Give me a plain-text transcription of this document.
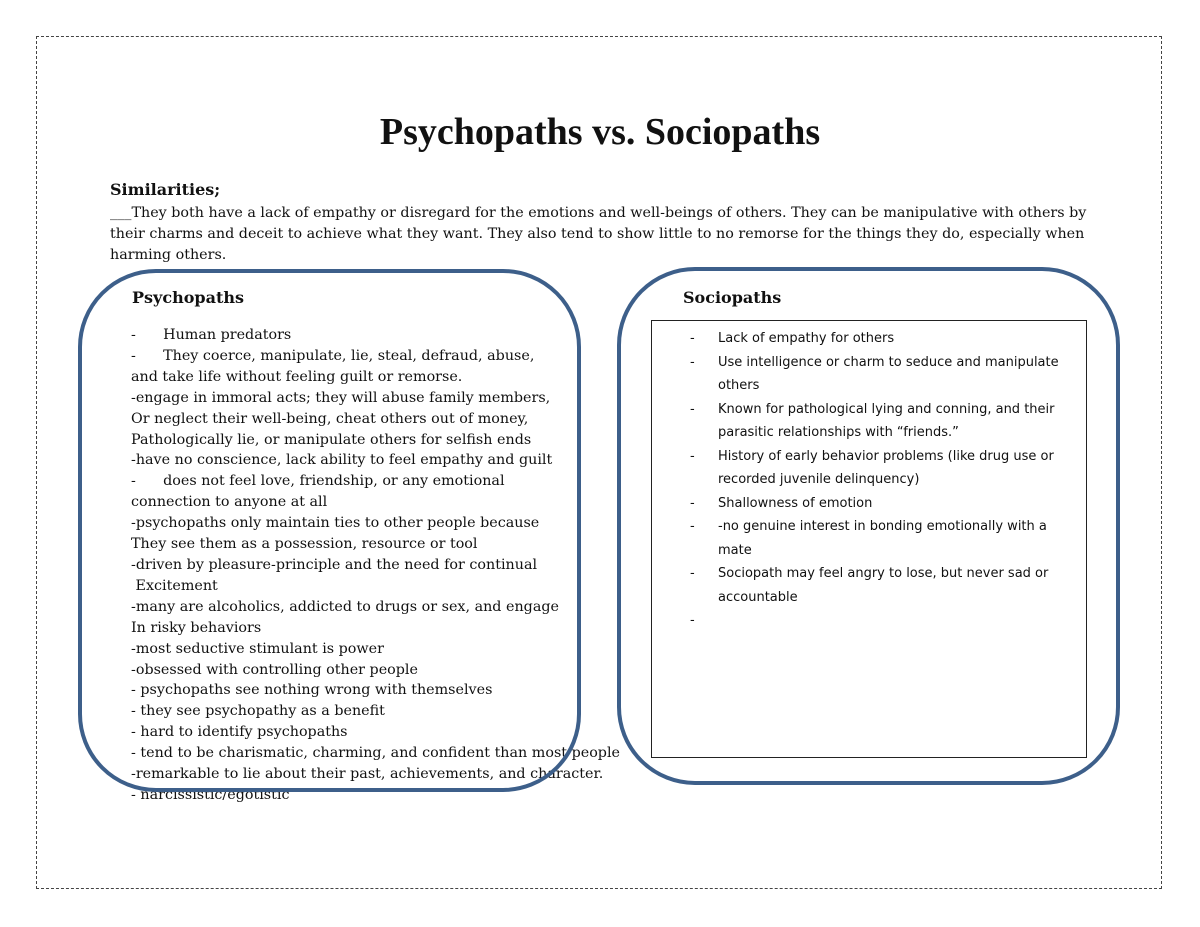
Psychopaths vs. Sociopaths
Similarities;

___They both have a lack of empathy or disregard for the emotions and well-beings of others. They can be manipulative with others by their charms and deceit to achieve what they want. They also tend to show little to no remorse for the things they do, especially when harming others.

Psychopaths
-      Human predators
-      They coerce, manipulate, lie, steal, defraud, abuse,
and take life without feeling guilt or remorse.
-engage in immoral acts; they will abuse family members,
Or neglect their well-being, cheat others out of money,
Pathologically lie, or manipulate others for selfish ends
-have no conscience, lack ability to feel empathy and guilt
-      does not feel love, friendship, or any emotional
connection to anyone at all
-psychopaths only maintain ties to other people because
They see them as a possession, resource or tool
-driven by pleasure-principle and the need for continual
Excitement
-many are alcoholics, addicted to drugs or sex, and engage
In risky behaviors
-most seductive stimulant is power
-obsessed with controlling other people
- psychopaths see nothing wrong with themselves
- they see psychopathy as a benefit
- hard to identify psychopaths
- tend to be charismatic, charming, and confident than most people
-remarkable to lie about their past, achievements, and character.
- narcissistic/egotistic
Sociopaths
-	Lack of empathy for others
-	Use intelligence or charm to seduce and manipulate others
-	Known for pathological lying and conning, and their parasitic relationships with “friends.”
-	History of early behavior problems (like drug use or recorded juvenile delinquency)
-	Shallowness of emotion
-	-no genuine interest in bonding emotionally with a mate
-	Sociopath may feel angry to lose, but never sad or accountable
-
